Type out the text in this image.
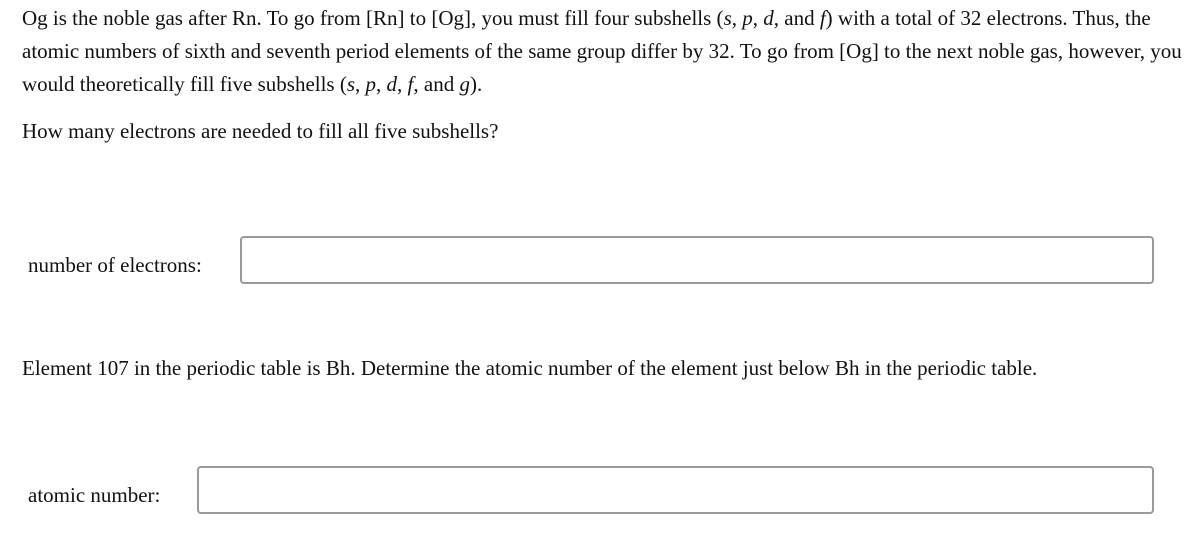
Og is the noble gas after Rn. To go from [Rn] to [Og], you must fill four subshells (s, p, d, and f) with a total of 32 electrons. Thus, the atomic numbers of sixth and seventh period elements of the same group differ by 32. To go from [Og] to the next noble gas, however, you would theoretically fill five subshells (s, p, d, f, and g).

How many electrons are needed to fill all five subshells?

number of electrons:

Element 107 in the periodic table is Bh. Determine the atomic number of the element just below Bh in the periodic table.

atomic number:
